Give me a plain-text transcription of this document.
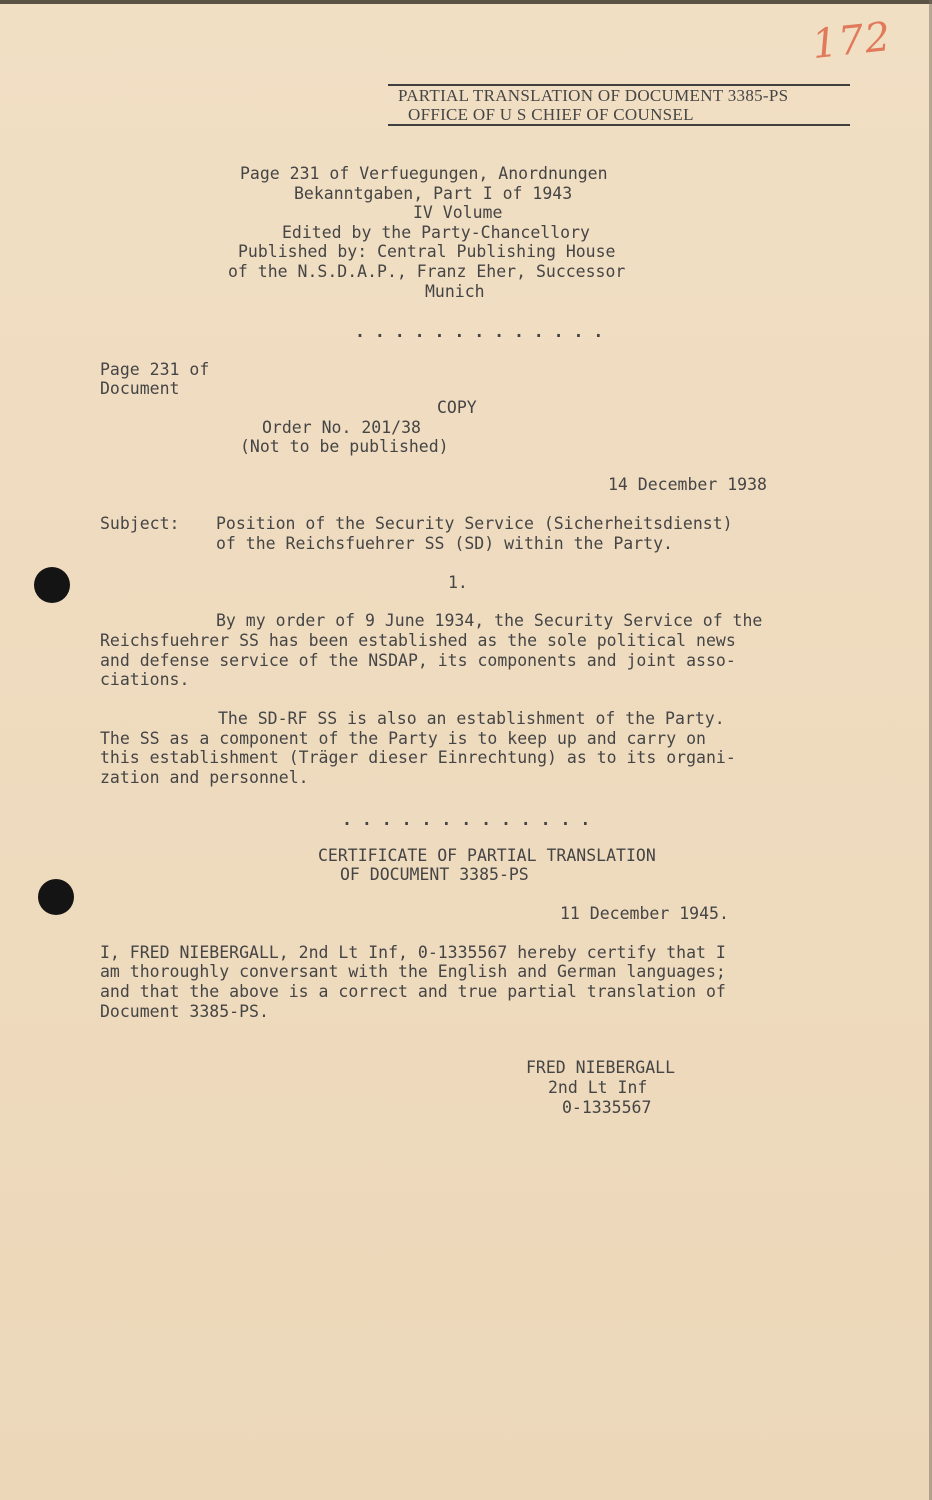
172
PARTIAL TRANSLATION OF DOCUMENT 3385-PS
OFFICE OF U S CHIEF OF COUNSEL
Page 231 of Verfuegungen, Anordnungen
Bekanntgaben, Part I of 1943
IV Volume
Edited by the Party-Chancellory
Published by: Central Publishing House
of the N.S.D.A.P., Franz Eher, Successor
Munich
. . . . . . . . . . . . .
Page 231 of
Document
COPY
Order No. 201/38
(Not to be published)
14 December 1938
Subject: Position of the Security Service (Sicherheitsdienst)
of the Reichsfuehrer SS (SD) within the Party.
1.
By my order of 9 June 1934, the Security Service of the
Reichsfuehrer SS has been established as the sole political news
and defense service of the NSDAP, its components and joint asso-
ciations.
The SD-RF SS is also an establishment of the Party.
The SS as a component of the Party is to keep up and carry on
this establishment (Träger dieser Einrechtung) as to its organi-
zation and personnel.
. . . . . . . . . . . . .
CERTIFICATE OF PARTIAL TRANSLATION
OF DOCUMENT 3385-PS
11 December 1945.
I, FRED NIEBERGALL, 2nd Lt Inf, 0-1335567 hereby certify that I
am thoroughly conversant with the English and German languages;
and that the above is a correct and true partial translation of
Document 3385-PS.
FRED NIEBERGALL
2nd Lt Inf
0-1335567
